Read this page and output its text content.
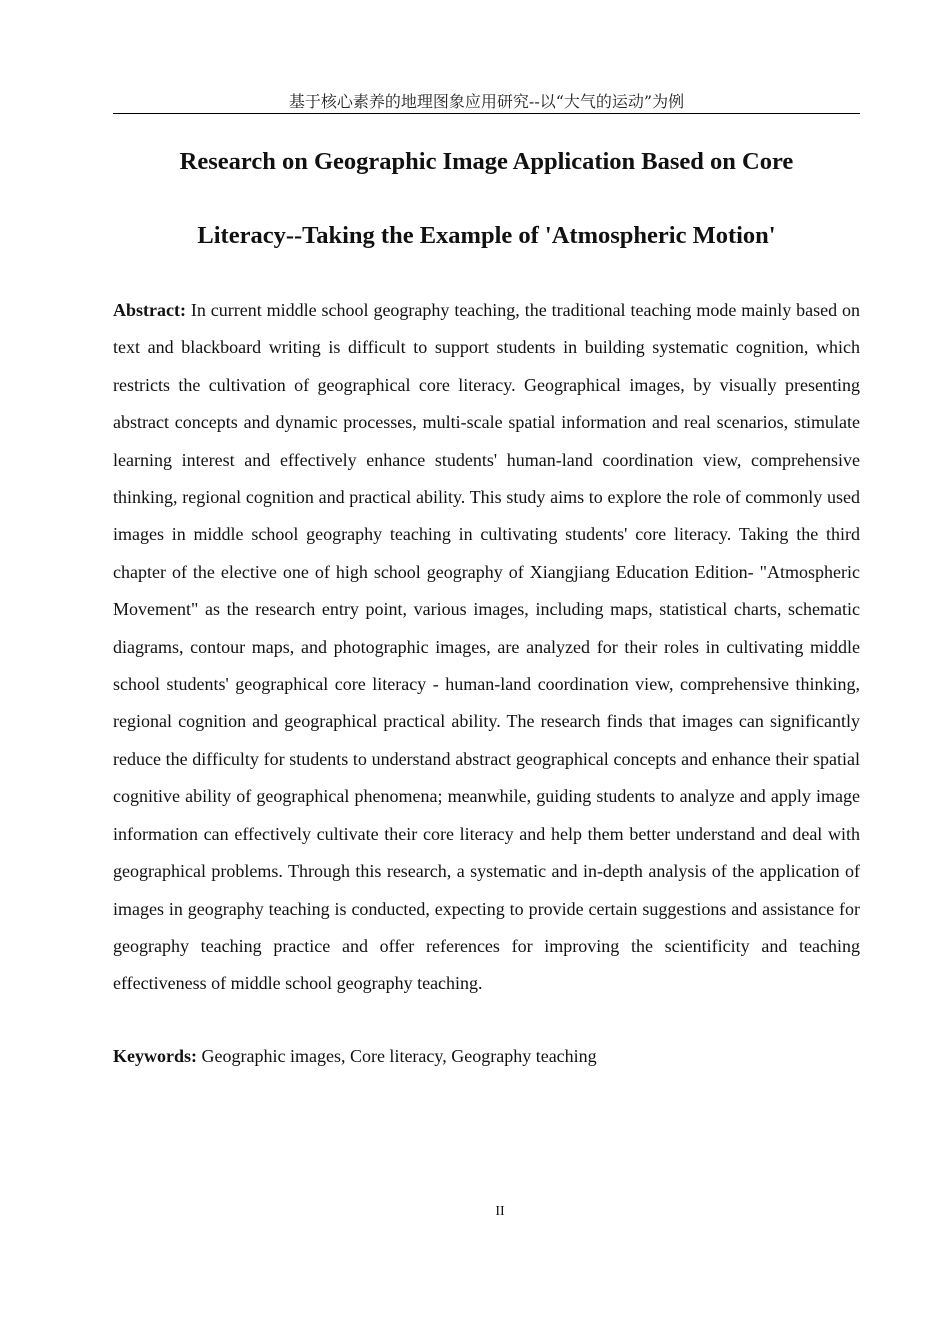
基于核心素养的地理图象应用研究--以“大气的运动”为例
Research on Geographic Image Application Based on Core
Literacy--Taking the Example of 'Atmospheric Motion'

Abstract: In current middle school geography teaching, the traditional teaching mode mainly based on text and blackboard writing is difficult to support students in building systematic cognition, which restricts the cultivation of geographical core literacy. Geographical images, by visually presenting abstract concepts and dynamic processes, multi-scale spatial information and real scenarios, stimulate learning interest and effectively enhance students' human-land coordination view, comprehensive thinking, regional cognition and practical ability. This study aims to explore the role of commonly used images in middle school geography teaching in cultivating students' core literacy. Taking the third chapter of the elective one of high school geography of Xiangjiang Education Edition- "Atmospheric Movement" as the research entry point, various images, including maps, statistical charts, schematic diagrams, contour maps, and photographic images, are analyzed for their roles in cultivating middle school students' geographical core literacy - human-land coordination view, comprehensive thinking, regional cognition and geographical practical ability. The research finds that images can significantly reduce the difficulty for students to understand abstract geographical concepts and enhance their spatial cognitive ability of geographical phenomena; meanwhile, guiding students to analyze and apply image information can effectively cultivate their core literacy and help them better understand and deal with geographical problems. Through this research, a systematic and in-depth analysis of the application of images in geography teaching is conducted, expecting to provide certain suggestions and assistance for geography teaching practice and offer references for improving the scientificity and teaching effectiveness of middle school geography teaching.

Keywords: Geographic images, Core literacy, Geography teaching

II
